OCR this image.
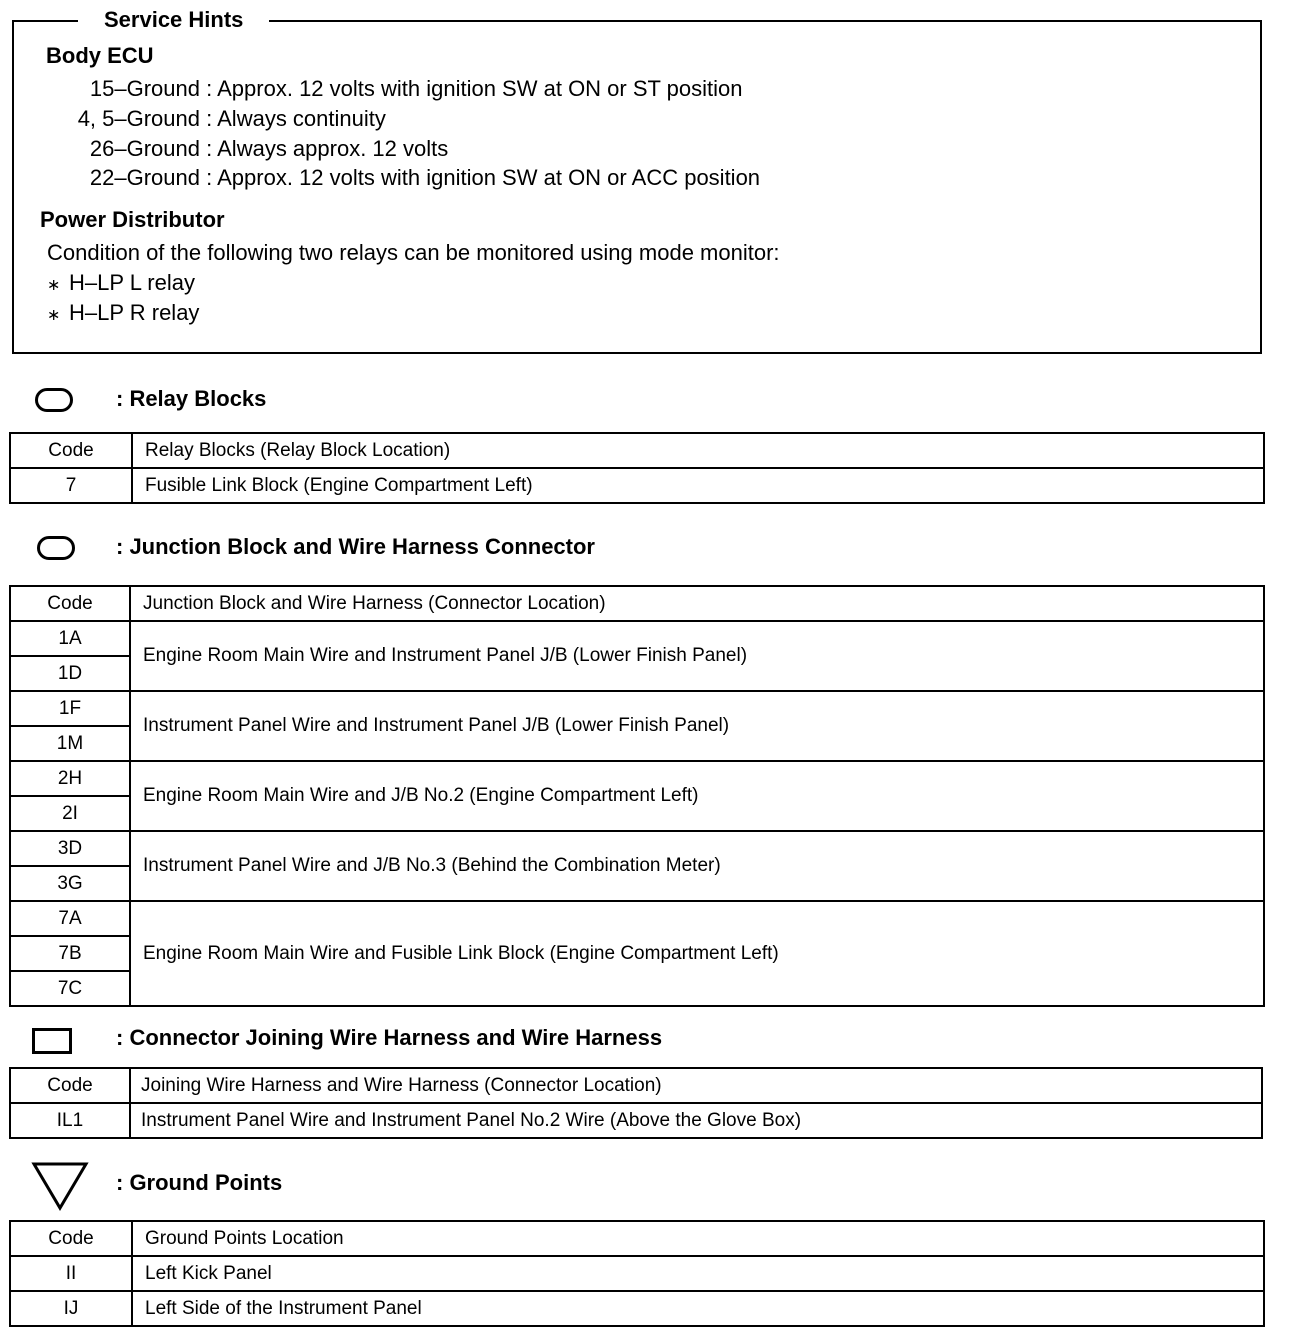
Service Hints
Body ECU
15–Ground : Approx. 12 volts with ignition SW at ON or ST position
4, 5–Ground : Always continuity
26–Ground : Always approx. 12 volts
22–Ground : Approx. 12 volts with ignition SW at ON or ACC position
Power Distributor
Condition of the following two relays can be monitored using mode monitor:
∗ H–LP L relay
∗ H–LP R relay
: Relay Blocks
Code	Relay Blocks (Relay Block Location)
7	Fusible Link Block (Engine Compartment Left)
: Junction Block and Wire Harness Connector
Code	Junction Block and Wire Harness (Connector Location)
1A	Engine Room Main Wire and Instrument Panel J/B (Lower Finish Panel)
1D	
1F	Instrument Panel Wire and Instrument Panel J/B (Lower Finish Panel)
1M	
2H	Engine Room Main Wire and J/B No.2 (Engine Compartment Left)
2I	
3D	Instrument Panel Wire and J/B No.3 (Behind the Combination Meter)
3G	
7A	Engine Room Main Wire and Fusible Link Block (Engine Compartment Left)
7B	
7C	
: Connector Joining Wire Harness and Wire Harness
Code	Joining Wire Harness and Wire Harness (Connector Location)
IL1	Instrument Panel Wire and Instrument Panel No.2 Wire (Above the Glove Box)
: Ground Points
Code	Ground Points Location
II	Left Kick Panel
IJ	Left Side of the Instrument Panel
